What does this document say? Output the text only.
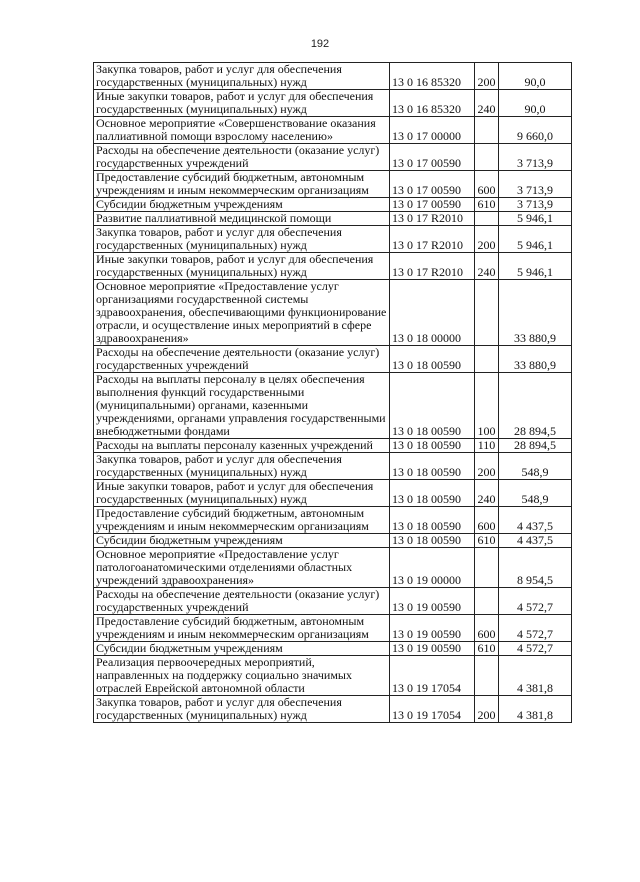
192
Закупка товаров, работ и услуг для обеспечения государственных (муниципальных) нужд	13 0 16 85320	200	90,0
Иные закупки товаров, работ и услуг для обеспечения государственных (муниципальных) нужд	13 0 16 85320	240	90,0
Основное мероприятие «Совершенствование оказания паллиативной помощи взрослому населению»	13 0 17 00000		9 660,0
Расходы на обеспечение деятельности (оказание услуг) государственных учреждений	13 0 17 00590		3 713,9
Предоставление субсидий бюджетным, автономным учреждениям и иным некоммерческим организациям	13 0 17 00590	600	3 713,9
Субсидии бюджетным учреждениям	13 0 17 00590	610	3 713,9
Развитие паллиативной медицинской помощи	13 0 17 R2010		5 946,1
Закупка товаров, работ и услуг для обеспечения государственных (муниципальных) нужд	13 0 17 R2010	200	5 946,1
Иные закупки товаров, работ и услуг для обеспечения государственных (муниципальных) нужд	13 0 17 R2010	240	5 946,1
Основное мероприятие «Предоставление услуг организациями государственной системы здравоохранения, обеспечивающими функционирование отрасли, и осуществление иных мероприятий в сфере здравоохранения»	13 0 18 00000		33 880,9
Расходы на обеспечение деятельности (оказание услуг) государственных учреждений	13 0 18 00590		33 880,9
Расходы на выплаты персоналу в целях обеспечения выполнения функций государственными (муниципальными) органами, казенными учреждениями, органами управления государственными внебюджетными фондами	13 0 18 00590	100	28 894,5
Расходы на выплаты персоналу казенных учреждений	13 0 18 00590	110	28 894,5
Закупка товаров, работ и услуг для обеспечения государственных (муниципальных) нужд	13 0 18 00590	200	548,9
Иные закупки товаров, работ и услуг для обеспечения государственных (муниципальных) нужд	13 0 18 00590	240	548,9
Предоставление субсидий бюджетным, автономным учреждениям и иным некоммерческим организациям	13 0 18 00590	600	4 437,5
Субсидии бюджетным учреждениям	13 0 18 00590	610	4 437,5
Основное мероприятие «Предоставление услуг патологоанатомическими отделениями областных учреждений здравоохранения»	13 0 19 00000		8 954,5
Расходы на обеспечение деятельности (оказание услуг) государственных учреждений	13 0 19 00590		4 572,7
Предоставление субсидий бюджетным, автономным учреждениям и иным некоммерческим организациям	13 0 19 00590	600	4 572,7
Субсидии бюджетным учреждениям	13 0 19 00590	610	4 572,7
Реализация первоочередных мероприятий, направленных на поддержку социально значимых отраслей Еврейской автономной области	13 0 19 17054		4 381,8
Закупка товаров, работ и услуг для обеспечения государственных (муниципальных) нужд	13 0 19 17054	200	4 381,8
